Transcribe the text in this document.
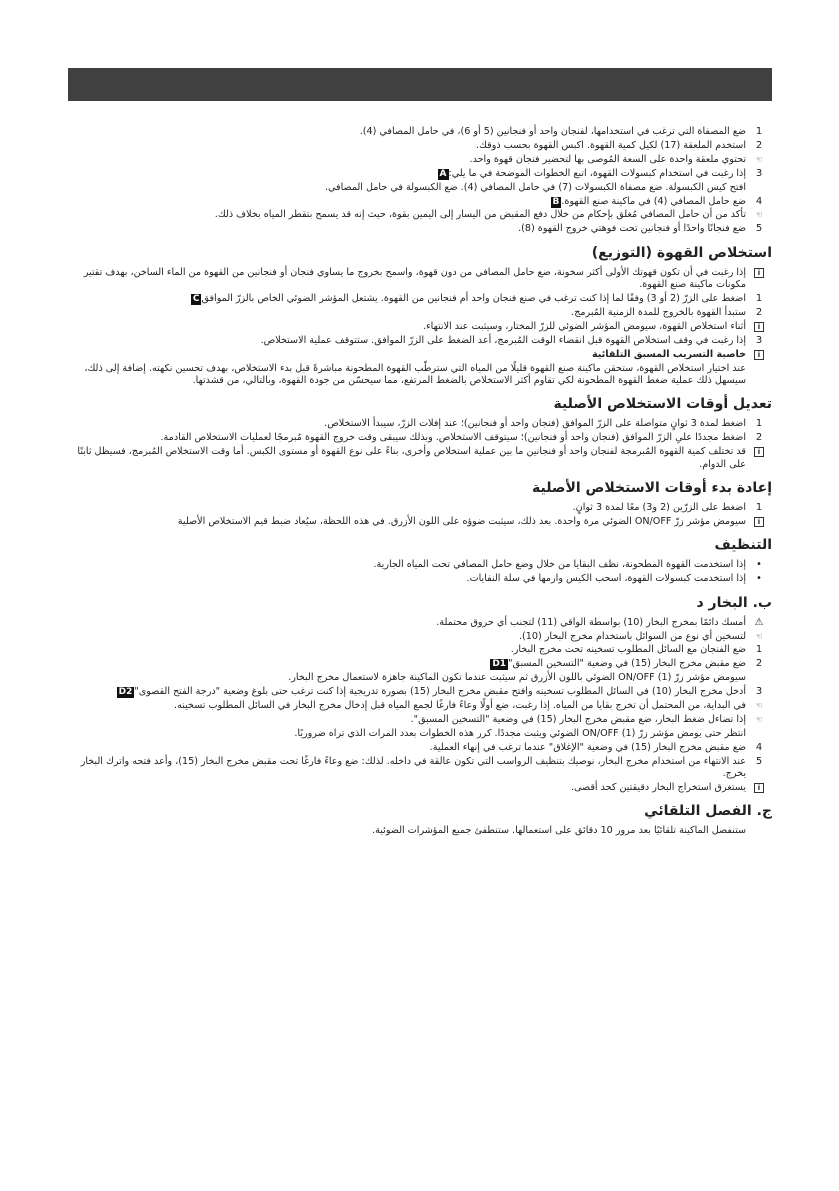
1
ضع المصفاة التي ترغب في استخدامها، لفنجان واحد أو فنجانين (5 أو 6)، في حامل المصافي (4).
2
استخدم الملعقة (17) لكيل كمية القهوة. اكبس القهوة بحسب ذوقك.
☜
تحتوي ملعقة واحدة على السعة المُوصى بها لتحضير فنجان قهوة واحد.
3
إذا رغبت في استخدام كبسولات القهوة، اتبع الخطوات الموضحة في ما يلي:A
افتح كيس الكبسولة. ضع مصفاة الكبسولات (7) في حامل المصافي (4). ضع الكبسولة في حامل المصافي.
4
ضع حامل المصافي (4) في ماكينة صنع القهوة.B
☜
تأكد من أن حامل المصافي مُغلق بإحكام من خلال دفع المقبض من اليسار إلى اليمين بقوة، حيث إنه قد يسمح بتقطر المياه بخلاف ذلك.
5
ضع فنجانًا واحدًا أو فنجانين تحت فوهتي خروج القهوة (8).
استخلاص القهوة (التوزيع)
i
إذا رغبت في أن تكون قهوتك الأولى أكثر سخونة، ضع حامل المصافي من دون قهوة، واسمح بخروج ما يساوي فنجان أو فنجانين من القهوة من الماء الساخن، بهدف تقتير مكونات ماكينة صنع القهوة.
1
اضغط على الزرّ (2 أو 3) وفقًا لما إذا كنت ترغب في صنع فنجان واحد أم فنجانين من القهوة. يشتعل المؤشر الضوئي الخاص بالزرّ الموافقC
2
ستبدأ القهوة بالخروج للمدة الزمنية المُبرمج.
i
أثناء استخلاص القهوة، سيومض المؤشر الضوئي للزرّ المختار، وسيثبت عند الانتهاء.
3
إذا رغبت في وقف استخلاص القهوة قبل انقضاء الوقت المُبرمج، أعد الضغط على الزرّ الموافق. ستتوقف عملية الاستخلاص.
i
خاصية التسريب المسبق التلقائية
عند اختيار استخلاص القهوة، ستحقن ماكينة صنع القهوة قليلًا من المياه التي سترطّب القهوة المطحونة مباشرةً قبل بدء الاستخلاص، بهدف تحسين نكهته. إضافة إلى ذلك، سيسهل ذلك عملية ضغط القهوة المطحونة لكي تقاوم أكثر الاستخلاص بالضغط المرتفع، مما سيحسّن من جودة القهوة، وبالتالي، من قشدتها.
تعديل أوقات الاستخلاص الأصلية
1
اضغط لمدة 3 ثوانٍ متواصلة على الزرّ الموافق (فنجان واحد أو فنجانين)؛ عند إفلات الزرّ، سيبدأ الاستخلاص.
2
اضغط مجددًا علىِ الزرّ الموافق (فنجان واحد أو فنجانين)؛ سيتوقف الاستخلاص. وبذلك سيبقى وقت خروج القهوة مُبرمجًا لعمليات الاستخلاص القادمة.
i
قد تختلف كمية القهوة المُبرمجة لفنجان واحد أو فنجانين ما بين عملية استخلاص وأخرى، بناءً على نوع القهوة أو مستوى الكبس. أما وقت الاستخلاص المُبرمج، فسيظل ثابتًا على الدوام.
إعادة بدء أوقات الاستخلاص الأصلية
1
اضغط على الزرّين (2 و3) معًا لمدة 3 ثوانٍ.
i
سيومض مؤشر زرّ ON/OFF الضوئي مرة واحدة. بعد ذلك، سيثبت ضوؤه على اللون الأزرق. في هذه اللحظة، سيُعاد ضبط قيم الاستخلاص الأصلية
التنظيف
•
إذا استخدمت القهوة المطحونة، نظف البقايا من خلال وضع حامل المصافي تحت المياه الجارية.
•
إذا استخدمت كبسولات القهوة، اسحب الكيس وارمها في سلة النفايات.
ب. البخار د
⚠
أمسك دائمًا بمخرج البخار (10) بواسطة الواقي (11) لتجنب أي حروق محتملة.
☜
لتسخين أي نوع من السوائل باستخدام مخرج البخار (10).
1
ضع الفنجان مع السائل المطلوب تسخينه تحت مخرج البخار.
2
ضع مقبض مخرج البخار (15) في وضعية "التسخين المسبق"D1
سيومض مؤشر زرّ (1) ON/OFF الضوئي باللون الأزرق ثم سيثبت عندما تكون الماكينة جاهزة لاستعمال مخرج البخار.
3
أدخل مخرج البخار (10) في السائل المطلوب تسخينه وافتح مقبض مخرج البخار (15) بصورة تدريجية إذا كنت ترغب حتى بلوغ وضعية "درجة الفتح القصوى"D2
☜
في البداية، من المحتمل أن تخرج بقايا من المياه. إذا رغبت، ضع أولًا وعاءً فارغًا لجمع المياه قبل إدخال مخرج البخار في السائل المطلوب تسخينه.
☜
إذا تضاءل ضغط البخار، ضع مقبض مخرج البخار (15) في وضعية "التسخين المسبق".
انتظر حتى يومض مؤشر زرّ (1) ON/OFF الضوئي ويثبت مجددًا. كرر هذه الخطوات بعدد المرات الذي تراه ضروريًا.
4
ضع مقبض مخرج البخار (15) في وضعية "الإغلاق" عندما ترغب في إنهاء العملية.
5
عند الانتهاء من استخدام مخرج البخار، نوصيك بتنظيف الرواسب التي تكون عالقة في داخله. لذلك: ضع وعاءً فارغًا تحت مقبض مخرج البخار (15)، وأعد فتحه واترك البخار يخرج.
i
يستغرق استخراج البخار دقيقتين كحد أقصى.
ج. الفصل التلقائي
ستنفصل الماكينة تلقائيًا بعد مرور 10 دقائق على استعمالها. ستنطفئ جميع المؤشرات الضوئية.
